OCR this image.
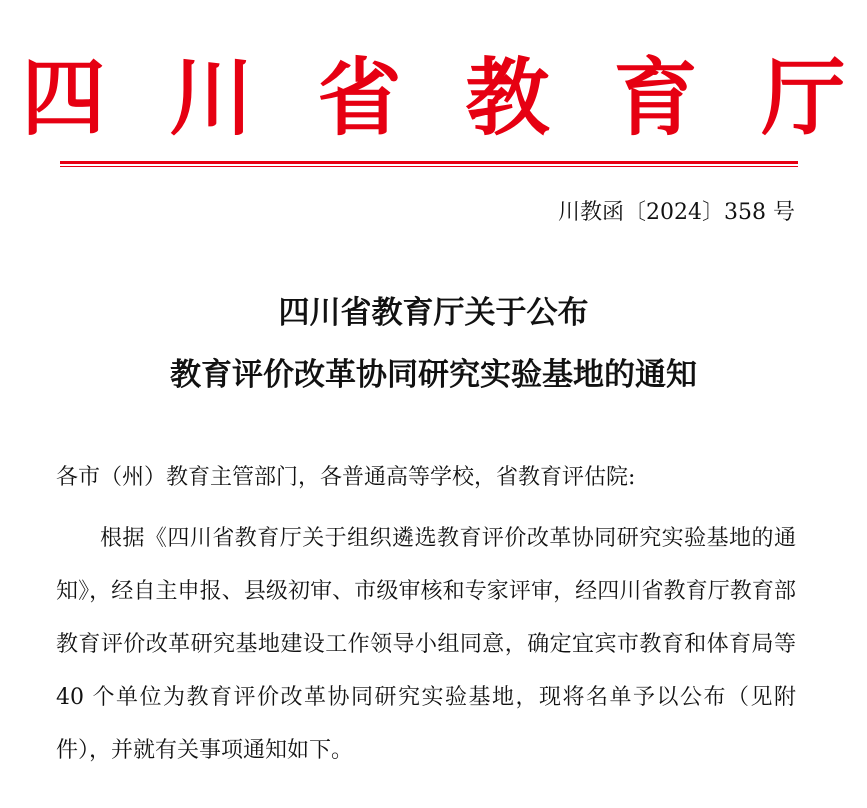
四 川 省 教 育 厅
川教函〔2024〕358 号
四川省教育厅关于公布
教育评价改革协同研究实验基地的通知
各市（州）教育主管部门，各普通高等学校，省教育评估院:

根据《四川省教育厅关于组织遴选教育评价改革协同研究实验基地的通知》，经自主申报、县级初审、市级审核和专家评审，经四川省教育厅教育部教育评价改革研究基地建设工作领导小组同意，确定宜宾市教育和体育局等 40 个单位为教育评价改革协同研究实验基地，现将名单予以公布（见附件），并就有关事项通知如下。
